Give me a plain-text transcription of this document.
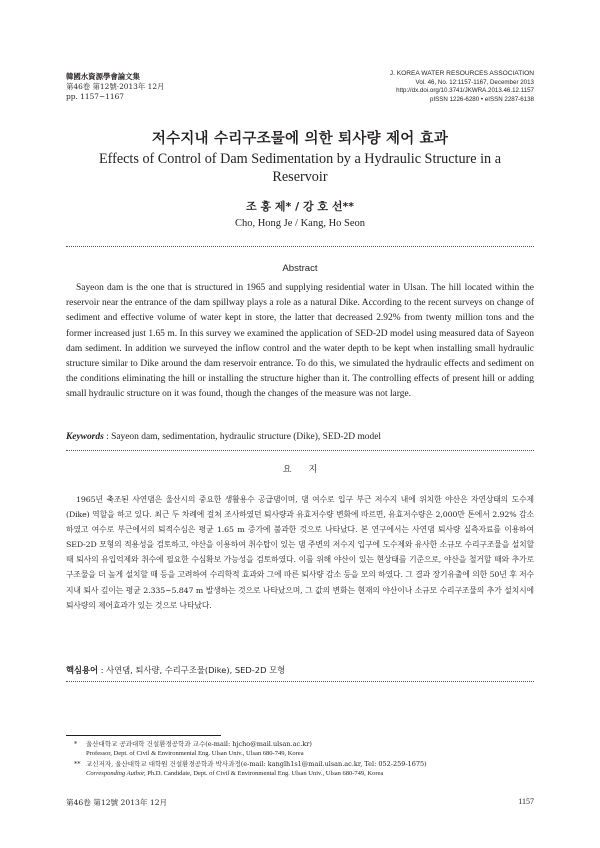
韓國水資源學會論文集
第46卷 第12號·2013年 12月
pp. 1157~1167
J. KOREA WATER RESOURCES ASSOCIATION
Vol. 46, No. 12:1157-1167, December 2013
http://dx.doi.org/10.3741/JKWRA.2013.46.12.1157
pISSN 1226-6280 • eISSN 2287-6138
저수지내 수리구조물에 의한 퇴사량 제어 효과
Effects of Control of Dam Sedimentation by a Hydraulic Structure in a Reservoir
조 홍 제* / 강 호 선**
Cho, Hong Je / Kang, Ho Seon
Abstract
Sayeon dam is the one that is structured in 1965 and supplying residential water in Ulsan. The hill located within the reservoir near the entrance of the dam spillway plays a role as a natural Dike. According to the recent surveys on change of sediment and effective volume of water kept in store, the latter that decreased 2.92% from twenty million tons and the former increased just 1.65 m. In this survey we examined the application of SED-2D model using measured data of Sayeon dam sediment. In addition we surveyed the inflow control and the water depth to be kept when installing small hydraulic structure similar to Dike around the dam reservoir entrance. To do this, we simulated the hydraulic effects and sediment on the conditions eliminating the hill or installing the structure higher than it. The controlling effects of present hill or adding small hydraulic structure on it was found, though the changes of the measure was not large.
Keywords : Sayeon dam, sedimentation, hydraulic structure (Dike), SED-2D model
요 지
1965년 축조된 사연댐은 울산시의 중요한 생활용수 공급댐이며, 댐 여수로 입구 부근 저수지 내에 위치한 야산은 자연상태의 도수제(Dike) 역할을 하고 있다. 최근 두 차례에 걸쳐 조사하였던 퇴사량과 유효저수량 변화에 따르면, 유효저수량은 2,000만 톤에서 2.92% 감소하였고 여수로 부근에서의 퇴적수심은 평균 1.65 m 증가에 불과한 것으로 나타났다. 본 연구에서는 사연댐 퇴사량 실측자료를 이용하여 SED-2D 모형의 적용성을 검토하고, 야산을 이용하여 취수탑이 있는 댐 주변의 저수지 입구에 도수제와 유사한 소규모 수리구조물을 설치할 때 퇴사의 유입억제와 취수에 필요한 수심확보 가능성을 검토하였다. 이를 위해 야산이 있는 현상태를 기준으로, 야산을 철거할 때와 추가로 구조물을 더 높게 설치할 때 등을 고려하여 수리학적 효과와 그에 따른 퇴사량 감소 등을 모의 하였다. 그 결과 장기유출에 의한 50년 후 저수지내 퇴사 깊이는 평균 2.335~5.847 m 발생하는 것으로 나타났으며, 그 값의 변화는 현재의 야산이나 소규모 수리구조물의 추가 설치시에 퇴사량의 제어효과가 있는 것으로 나타났다.
핵심용어 : 사연댐, 퇴사량, 수리구조물(Dike), SED-2D 모형
* 울산대학교 공과대학 건설환경공학과 교수(e-mail: hjcho@mail.ulsan.ac.kr)
Professor, Dept. of Civil & Environmental Eng. Ulsan Univ., Ulsan 680-749, Korea
** 교신저자, 울산대학교 대학원 건설환경공학과 박사과정(e-mail: kanglh1s1@mail.ulsan.ac.kr, Tel: 052-259-1675)
Corresponding Author, Ph.D. Candidate, Dept. of Civil & Environmental Eng. Ulsan Univ., Ulsan 680-749, Korea
第46卷 第12號 2013年 12月	1157
